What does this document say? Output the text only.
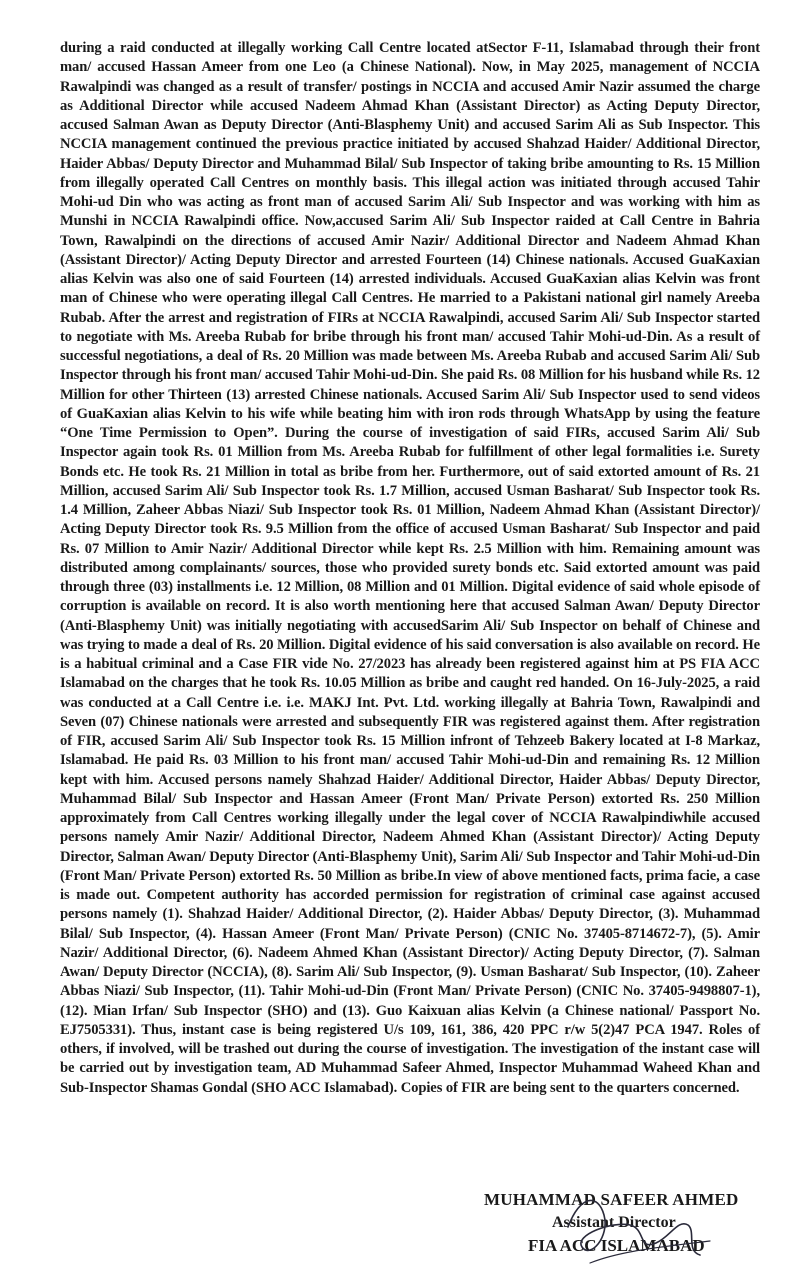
during a raid conducted at illegally working Call Centre located atSector F-11, Islamabad through their front man/ accused Hassan Ameer from one Leo (a Chinese National). Now, in May 2025, management of NCCIA Rawalpindi was changed as a result of transfer/ postings in NCCIA and accused Amir Nazir assumed the charge as Additional Director while accused Nadeem Ahmad Khan (Assistant Director) as Acting Deputy Director, accused Salman Awan as Deputy Director (Anti-Blasphemy Unit) and accused Sarim Ali as Sub Inspector. This NCCIA management continued the previous practice initiated by accused Shahzad Haider/ Additional Director, Haider Abbas/ Deputy Director and Muhammad Bilal/ Sub Inspector of taking bribe amounting to Rs. 15 Million from illegally operated Call Centres on monthly basis. This illegal action was initiated through accused Tahir Mohi-ud Din who was acting as front man of accused Sarim Ali/ Sub Inspector and was working with him as Munshi in NCCIA Rawalpindi office. Now,accused Sarim Ali/ Sub Inspector raided at Call Centre in Bahria Town, Rawalpindi on the directions of accused Amir Nazir/ Additional Director and Nadeem Ahmad Khan (Assistant Director)/ Acting Deputy Director and arrested Fourteen (14) Chinese nationals. Accused GuaKaxian alias Kelvin was also one of said Fourteen (14) arrested individuals. Accused GuaKaxian alias Kelvin was front man of Chinese who were operating illegal Call Centres. He married to a Pakistani national girl namely Areeba Rubab. After the arrest and registration of FIRs at NCCIA Rawalpindi, accused Sarim Ali/ Sub Inspector started to negotiate with Ms. Areeba Rubab for bribe through his front man/ accused Tahir Mohi-ud-Din. As a result of successful negotiations, a deal of Rs. 20 Million was made between Ms. Areeba Rubab and accused Sarim Ali/ Sub Inspector through his front man/ accused Tahir Mohi-ud-Din. She paid Rs. 08 Million for his husband while Rs. 12 Million for other Thirteen (13) arrested Chinese nationals. Accused Sarim Ali/ Sub Inspector used to send videos of GuaKaxian alias Kelvin to his wife while beating him with iron rods through WhatsApp by using the feature “One Time Permission to Open”. During the course of investigation of said FIRs, accused Sarim Ali/ Sub Inspector again took Rs. 01 Million from Ms. Areeba Rubab for fulfillment of other legal formalities i.e. Surety Bonds etc. He took Rs. 21 Million in total as bribe from her. Furthermore, out of said extorted amount of Rs. 21 Million, accused Sarim Ali/ Sub Inspector took Rs. 1.7 Million, accused Usman Basharat/ Sub Inspector took Rs. 1.4 Million, Zaheer Abbas Niazi/ Sub Inspector took Rs. 01 Million, Nadeem Ahmad Khan (Assistant Director)/ Acting Deputy Director took Rs. 9.5 Million from the office of accused Usman Basharat/ Sub Inspector and paid Rs. 07 Million to Amir Nazir/ Additional Director while kept Rs. 2.5 Million with him. Remaining amount was distributed among complainants/ sources, those who provided surety bonds etc. Said extorted amount was paid through three (03) installments i.e. 12 Million, 08 Million and 01 Million. Digital evidence of said whole episode of corruption is available on record. It is also worth mentioning here that accused Salman Awan/ Deputy Director (Anti-Blasphemy Unit) was initially negotiating with accusedSarim Ali/ Sub Inspector on behalf of Chinese and was trying to made a deal of Rs. 20 Million. Digital evidence of his said conversation is also available on record. He is a habitual criminal and a Case FIR vide No. 27/2023 has already been registered against him at PS FIA ACC Islamabad on the charges that he took Rs. 10.05 Million as bribe and caught red handed. On 16-July-2025, a raid was conducted at a Call Centre i.e. i.e. MAKJ Int. Pvt. Ltd. working illegally at Bahria Town, Rawalpindi and Seven (07) Chinese nationals were arrested and subsequently FIR was registered against them. After registration of FIR, accused Sarim Ali/ Sub Inspector took Rs. 15 Million infront of Tehzeeb Bakery located at I-8 Markaz, Islamabad. He paid Rs. 03 Million to his front man/ accused Tahir Mohi-ud-Din and remaining Rs. 12 Million kept with him. Accused persons namely Shahzad Haider/ Additional Director, Haider Abbas/ Deputy Director, Muhammad Bilal/ Sub Inspector and Hassan Ameer (Front Man/ Private Person) extorted Rs. 250 Million approximately from Call Centres working illegally under the legal cover of NCCIA Rawalpindiwhile accused persons namely Amir Nazir/ Additional Director, Nadeem Ahmed Khan (Assistant Director)/ Acting Deputy Director, Salman Awan/ Deputy Director (Anti-Blasphemy Unit), Sarim Ali/ Sub Inspector and Tahir Mohi-ud-Din (Front Man/ Private Person) extorted Rs. 50 Million as bribe.In view of above mentioned facts, prima facie, a case is made out. Competent authority has accorded permission for registration of criminal case against accused persons namely (1). Shahzad Haider/ Additional Director, (2). Haider Abbas/ Deputy Director, (3). Muhammad Bilal/ Sub Inspector, (4). Hassan Ameer (Front Man/ Private Person) (CNIC No. 37405-8714672-7), (5). Amir Nazir/ Additional Director, (6). Nadeem Ahmed Khan (Assistant Director)/ Acting Deputy Director, (7). Salman Awan/ Deputy Director (NCCIA), (8). Sarim Ali/ Sub Inspector, (9). Usman Basharat/ Sub Inspector, (10). Zaheer Abbas Niazi/ Sub Inspector, (11). Tahir Mohi-ud-Din (Front Man/ Private Person) (CNIC No. 37405-9498807-1), (12). Mian Irfan/ Sub Inspector (SHO) and (13). Guo Kaixuan alias Kelvin (a Chinese national/ Passport No. EJ7505331). Thus, instant case is being registered U/s 109, 161, 386, 420 PPC r/w 5(2)47 PCA 1947. Roles of others, if involved, will be trashed out during the course of investigation. The investigation of the instant case will be carried out by investigation team, AD Muhammad Safeer Ahmed, Inspector Muhammad Waheed Khan and Sub-Inspector Shamas Gondal (SHO ACC Islamabad). Copies of FIR are being sent to the quarters concerned.

MUHAMMAD SAFEER AHMED
Assistant Director
FIA ACC ISLAMABAD
